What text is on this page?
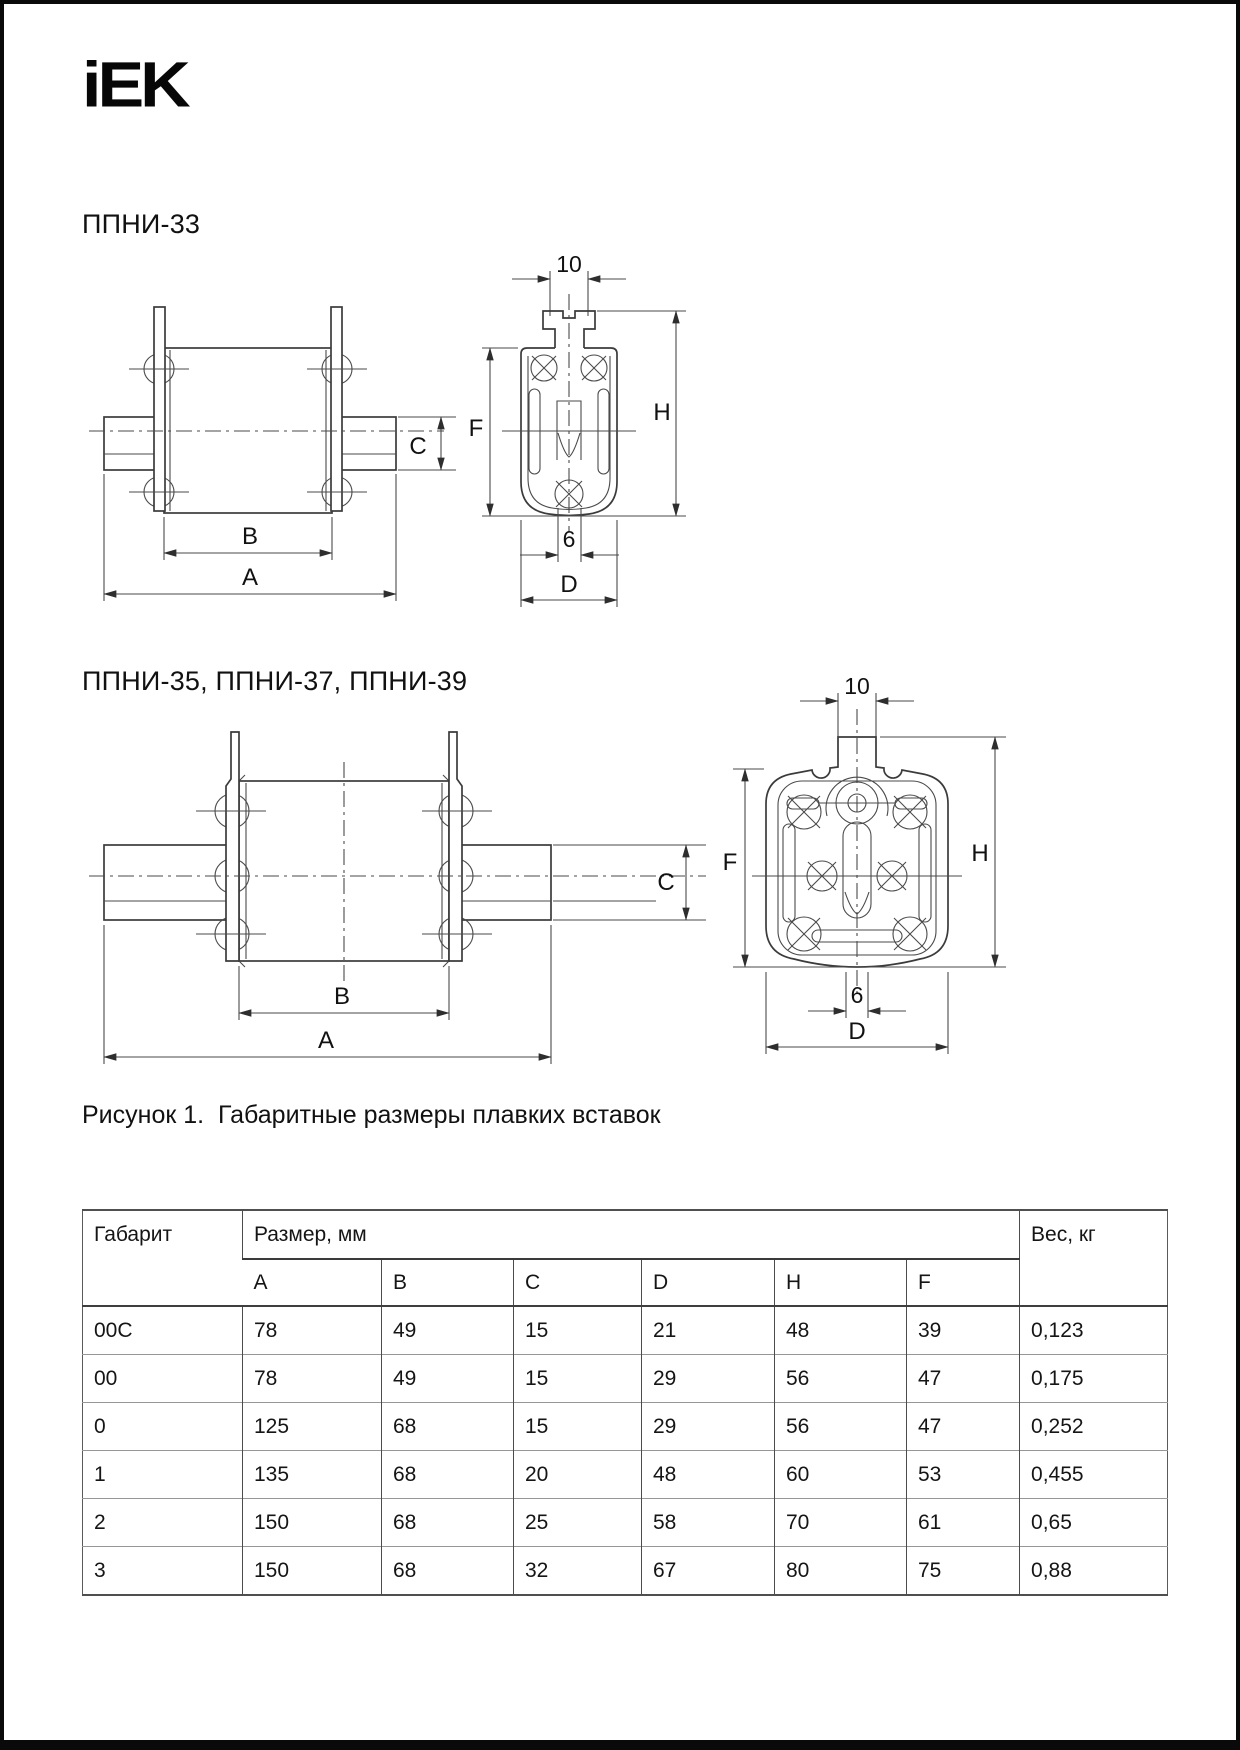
iEK
ППНИ-33
ППНИ-35, ППНИ-37, ППНИ-39
Рисунок 1.  Габаритные размеры плавких вставок
B
A
C
10
F
H
6
D
B
A
C
10
F	H
6
D
Габарит	Размер, мм						Вес, кг
	A	B	C	D	H	F	
00C	78	49	15	21	48	39	0,123
00	78	49	15	29	56	47	0,175
0	125	68	15	29	56	47	0,252
1	135	68	20	48	60	53	0,455
2	150	68	25	58	70	61	0,65
3	150	68	32	67	80	75	0,88
